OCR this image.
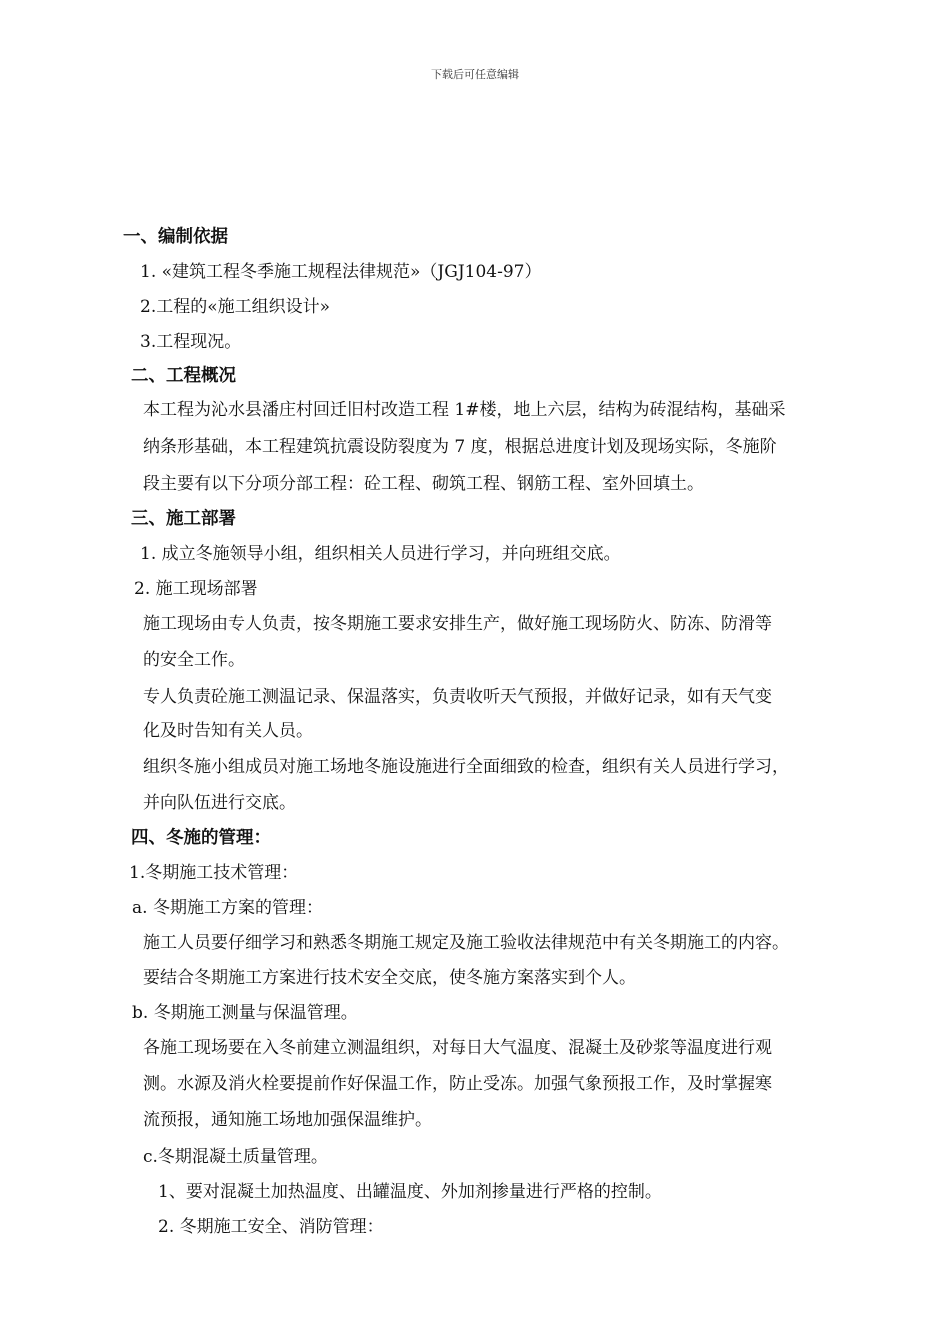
下载后可任意编辑
一、编制依据
1. «建筑工程冬季施工规程法律规范»（JGJ104-97）
2.工程的«施工组织设计»
3.工程现况。
二、工程概况
本工程为沁水县潘庄村回迁旧村改造工程 1#楼，地上六层，结构为砖混结构，基础采
纳条形基础，本工程建筑抗震设防裂度为 7 度，根据总进度计划及现场实际，冬施阶
段主要有以下分项分部工程：砼工程、砌筑工程、钢筋工程、室外回填土。
三、施工部署
1. 成立冬施领导小组，组织相关人员进行学习，并向班组交底。
2. 施工现场部署
施工现场由专人负责，按冬期施工要求安排生产，做好施工现场防火、防冻、防滑等
的安全工作。
专人负责砼施工测温记录、保温落实，负责收听天气预报，并做好记录，如有天气变
化及时告知有关人员。
组织冬施小组成员对施工场地冬施设施进行全面细致的检查，组织有关人员进行学习，
并向队伍进行交底。
四、冬施的管理：
1.冬期施工技术管理：
a. 冬期施工方案的管理：
施工人员要仔细学习和熟悉冬期施工规定及施工验收法律规范中有关冬期施工的内容。
要结合冬期施工方案进行技术安全交底，使冬施方案落实到个人。
b. 冬期施工测量与保温管理。
各施工现场要在入冬前建立测温组织，对每日大气温度、混凝土及砂浆等温度进行观
测。水源及消火栓要提前作好保温工作，防止受冻。加强气象预报工作，及时掌握寒
流预报，通知施工场地加强保温维护。
c.冬期混凝土质量管理。
1、要对混凝土加热温度、出罐温度、外加剂掺量进行严格的控制。
2. 冬期施工安全、消防管理：
